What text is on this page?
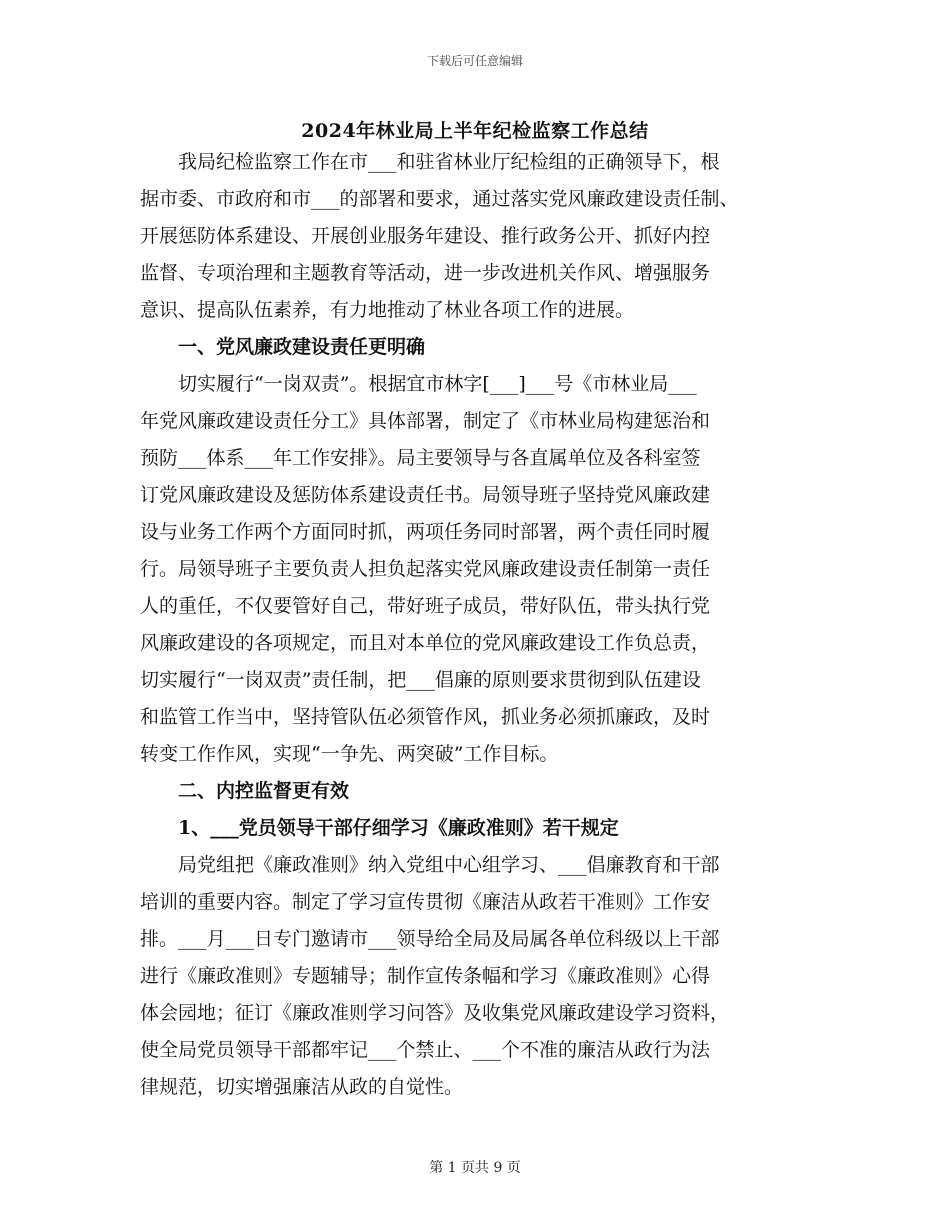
下载后可任意编辑
2024年林业局上半年纪检监察工作总结
　　我局纪检监察工作在市___和驻省林业厅纪检组的正确领导下，根
据市委、市政府和市___的部署和要求，通过落实党风廉政建设责任制、
开展惩防体系建设、开展创业服务年建设、推行政务公开、抓好内控
监督、专项治理和主题教育等活动，进一步改进机关作风、增强服务
意识、提高队伍素养，有力地推动了林业各项工作的进展。
　　一、党风廉政建设责任更明确
　　切实履行“一岗双责”。根据宜市林字[___]___号《市林业局___
年党风廉政建设责任分工》具体部署，制定了《市林业局构建惩治和
预防___体系___年工作安排》。局主要领导与各直属单位及各科室签
订党风廉政建设及惩防体系建设责任书。局领导班子坚持党风廉政建
设与业务工作两个方面同时抓，两项任务同时部署，两个责任同时履
行。局领导班子主要负责人担负起落实党风廉政建设责任制第一责任
人的重任，不仅要管好自己，带好班子成员，带好队伍，带头执行党
风廉政建设的各项规定，而且对本单位的党风廉政建设工作负总责，
切实履行“一岗双责”责任制，把___倡廉的原则要求贯彻到队伍建设
和监管工作当中，坚持管队伍必须管作风，抓业务必须抓廉政，及时
转变工作作风，实现“一争先、两突破”工作目标。
　　二、内控监督更有效
　　1、___党员领导干部仔细学习《廉政准则》若干规定
　　局党组把《廉政准则》纳入党组中心组学习、___倡廉教育和干部
培训的重要内容。制定了学习宣传贯彻《廉洁从政若干准则》工作安
排。___月___日专门邀请市___领导给全局及局属各单位科级以上干部
进行《廉政准则》专题辅导；制作宣传条幅和学习《廉政准则》心得
体会园地；征订《廉政准则学习问答》及收集党风廉政建设学习资料，
使全局党员领导干部都牢记___个禁止、___个不准的廉洁从政行为法
律规范，切实增强廉洁从政的自觉性。
第 1 页共 9 页
